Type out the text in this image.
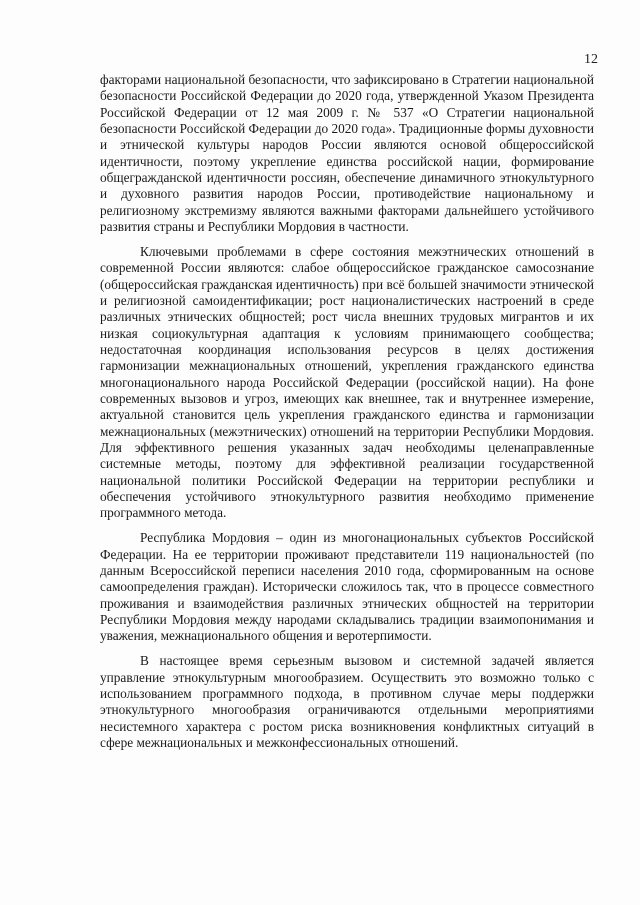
12

факторами национальной безопасности, что зафиксировано в Стратегии национальной безопасности Российской Федерации до 2020 года, утвержденной Указом Президента Российской Федерации от 12 мая 2009 г. № 537 «О Стратегии национальной безопасности Российской Федерации до 2020 года». Традиционные формы духовности и этнической культуры народов России являются основой общероссийской идентичности, поэтому укрепление единства российской нации, формирование общегражданской идентичности россиян, обеспечение динамичного этнокультурного и духовного развития народов России, противодействие национальному и религиозному экстремизму являются важными факторами дальнейшего устойчивого развития страны и Республики Мордовия в частности.

Ключевыми проблемами в сфере состояния межэтнических отношений в современной России являются: слабое общероссийское гражданское самосознание (общероссийская гражданская идентичность) при всё большей значимости этнической и религиозной самоидентификации; рост националистических настроений в среде различных этнических общностей; рост числа внешних трудовых мигрантов и их низкая социокультурная адаптация к условиям принимающего сообщества; недостаточная координация использования ресурсов в целях достижения гармонизации межнациональных отношений, укрепления гражданского единства многонационального народа Российской Федерации (российской нации). На фоне современных вызовов и угроз, имеющих как внешнее, так и внутреннее измерение, актуальной становится цель укрепления гражданского единства и гармонизации межнациональных (межэтнических) отношений на территории Республики Мордовия. Для эффективного решения указанных задач необходимы целенаправленные системные методы, поэтому для эффективной реализации государственной национальной политики Российской Федерации на территории республики и обеспечения устойчивого этнокультурного развития необходимо применение программного метода.

Республика Мордовия – один из многонациональных субъектов Российской Федерации. На ее территории проживают представители 119 национальностей (по данным Всероссийской переписи населения 2010 года, сформированным на основе самоопределения граждан). Исторически сложилось так, что в процессе совместного проживания и взаимодействия различных этнических общностей на территории Республики Мордовия между народами складывались традиции взаимопонимания и уважения, межнационального общения и веротерпимости.

В настоящее время серьезным вызовом и системной задачей является управление этнокультурным многообразием. Осуществить это возможно только с использованием программного подхода, в противном случае меры поддержки этнокультурного многообразия ограничиваются отдельными мероприятиями несистемного характера с ростом риска возникновения конфликтных ситуаций в сфере межнациональных и межконфессиональных отношений.
